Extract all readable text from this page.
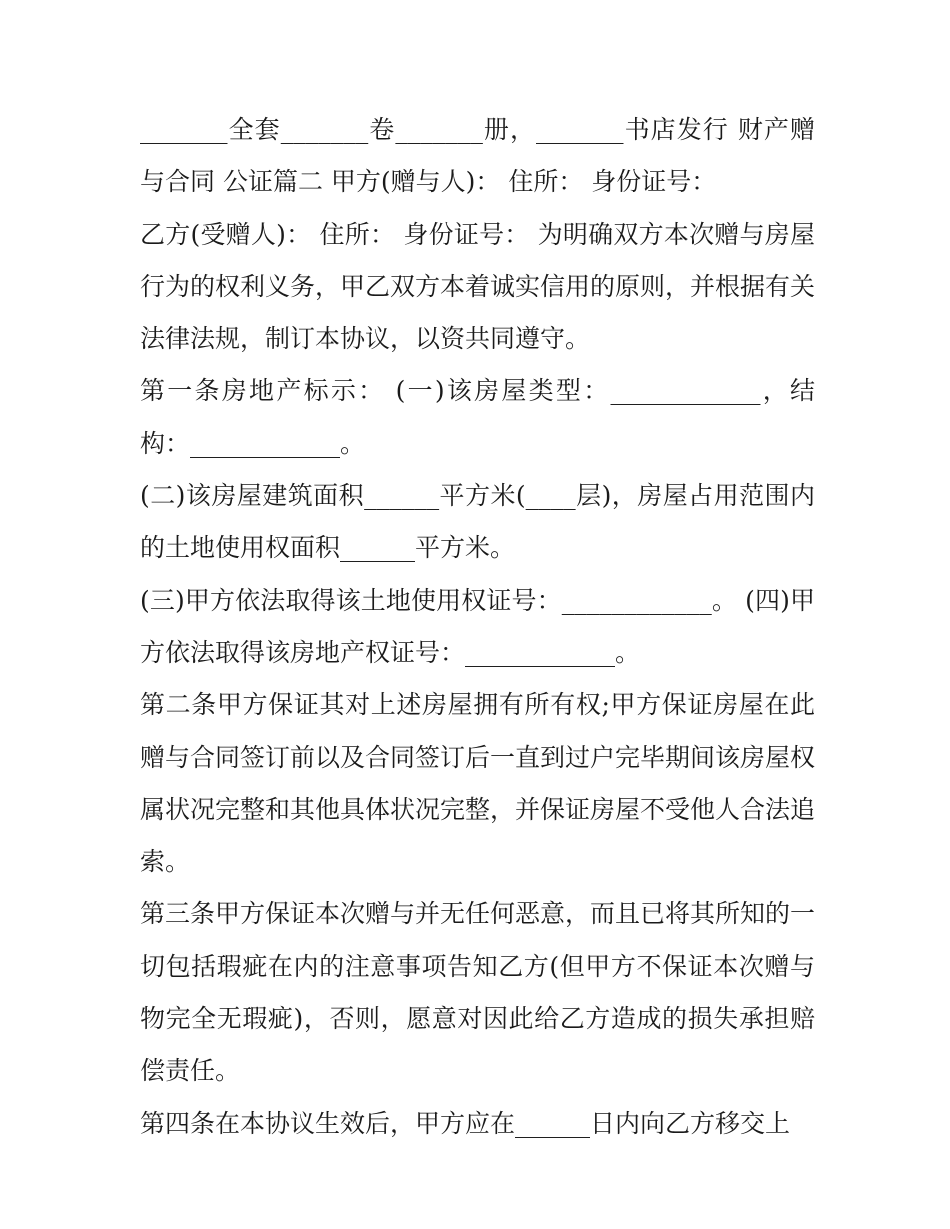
_______全套_______卷_______册，_______书店发行 财产赠与合同 公证篇二 甲方(赠与人)： 住所： 身份证号：

乙方(受赠人)： 住所： 身份证号： 为明确双方本次赠与房屋行为的权利义务，甲乙双方本着诚实信用的原则，并根据有关法律法规，制订本协议，以资共同遵守。

第一条房地产标示： (一)该房屋类型：____________，结构：____________。

(二)该房屋建筑面积______平方米(____层)，房屋占用范围内的土地使用权面积______平方米。

(三)甲方依法取得该土地使用权证号：____________。 (四)甲方依法取得该房地产权证号：____________。

第二条甲方保证其对上述房屋拥有所有权;甲方保证房屋在此赠与合同签订前以及合同签订后一直到过户完毕期间该房屋权属状况完整和其他具体状况完整，并保证房屋不受他人合法追索。

第三条甲方保证本次赠与并无任何恶意，而且已将其所知的一切包括瑕疵在内的注意事项告知乙方(但甲方不保证本次赠与物完全无瑕疵)，否则，愿意对因此给乙方造成的损失承担赔偿责任。

第四条在本协议生效后，甲方应在______日内向乙方移交上
